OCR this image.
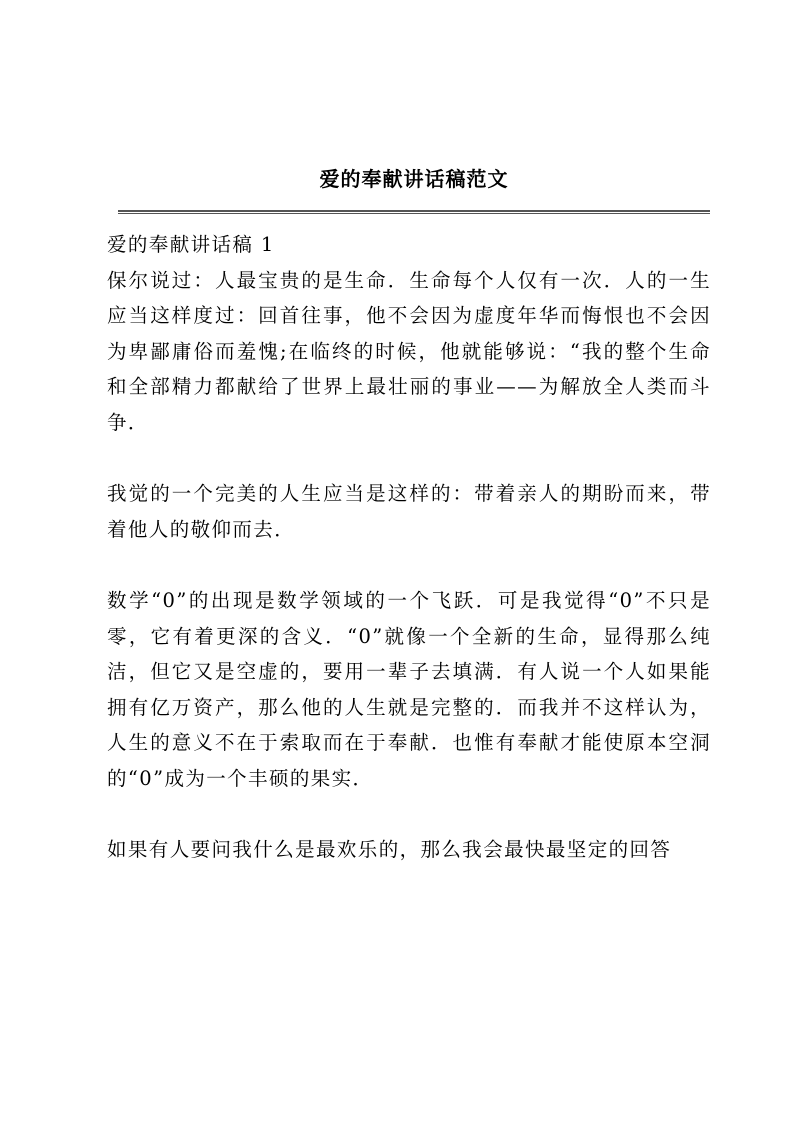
爱的奉献讲话稿范文

爱的奉献讲话稿 1

保尔说过：人最宝贵的是生命．生命每个人仅有一次．人的一生应当这样度过：回首往事，他不会因为虚度年华而悔恨也不会因为卑鄙庸俗而羞愧;在临终的时候，他就能够说：“我的整个生命和全部精力都献给了世界上最壮丽的事业——为解放全人类而斗争．

我觉的一个完美的人生应当是这样的：带着亲人的期盼而来，带着他人的敬仰而去．

数学“0”的出现是数学领域的一个飞跃．可是我觉得“0”不只是零，它有着更深的含义．“0”就像一个全新的生命，显得那么纯洁，但它又是空虚的，要用一辈子去填满．有人说一个人如果能拥有亿万资产，那么他的人生就是完整的．而我并不这样认为，人生的意义不在于索取而在于奉献．也惟有奉献才能使原本空洞的“0”成为一个丰硕的果实．

如果有人要问我什么是最欢乐的，那么我会最快最坚定的回答
